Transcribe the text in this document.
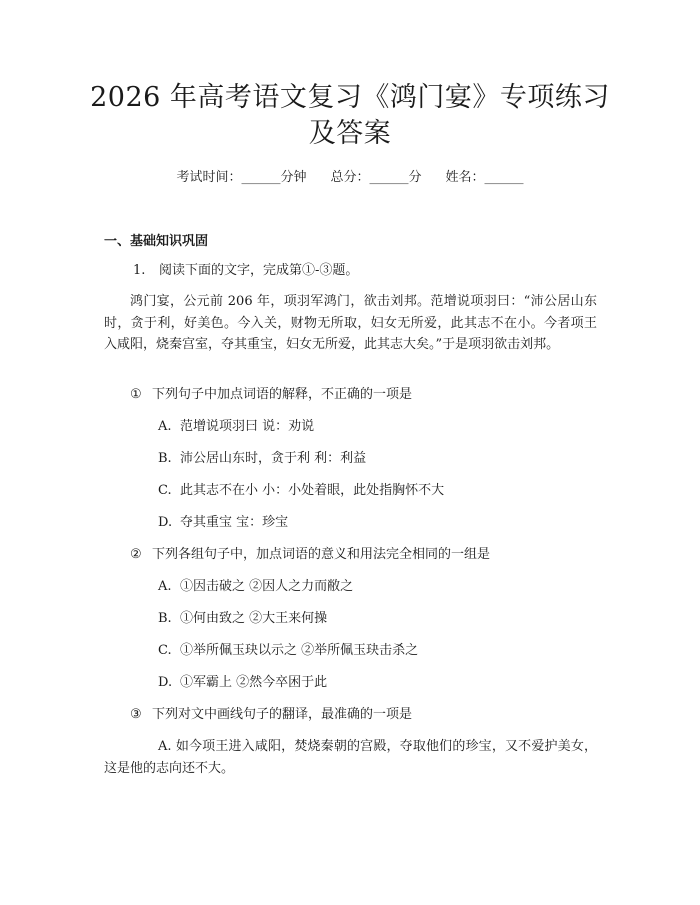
2026 年高考语文复习《鸿门宴》专项练习及答案
考试时间：______分钟 总分：______分 姓名：______
一、基础知识巩固
1. 阅读下面的文字，完成第①-③题。
鸿门宴，公元前 206 年，项羽军鸿门，欲击刘邦。范增说项羽曰：“沛公居山东时，贪于利，好美色。今入关，财物无所取，妇女无所爱，此其志不在小。今者项王入咸阳，烧秦宫室，夺其重宝，妇女无所爱，此其志大矣。”于是项羽欲击刘邦。
① 下列句子中加点词语的解释，不正确的一项是
A. 范增说项羽曰 说：劝说
B. 沛公居山东时，贪于利 利：利益
C. 此其志不在小 小：小处着眼，此处指胸怀不大
D. 夺其重宝 宝：珍宝
② 下列各组句子中，加点词语的意义和用法完全相同的一组是
A. ①因击破之 ②因人之力而敝之
B. ①何由致之 ②大王来何操
C. ①举所佩玉玦以示之 ②举所佩玉玦击杀之
D. ①军霸上 ②然今卒困于此
③ 下列对文中画线句子的翻译，最准确的一项是
A. 如今项王进入咸阳，焚烧秦朝的宫殿，夺取他们的珍宝，又不爱护美女，这是他的志向还不大。
